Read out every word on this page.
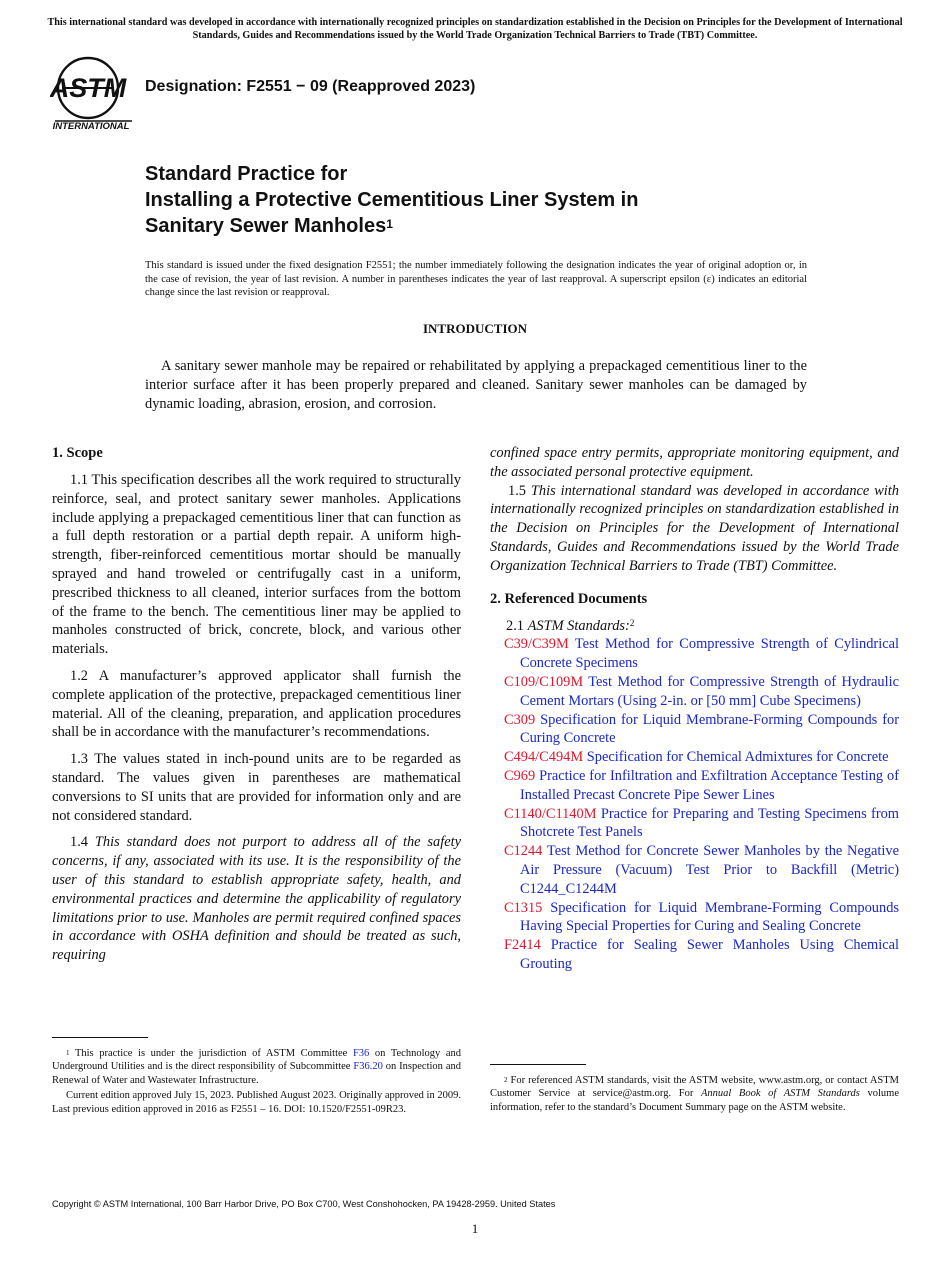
This international standard was developed in accordance with internationally recognized principles on standardization established in the Decision on Principles for the Development of International Standards, Guides and Recommendations issued by the World Trade Organization Technical Barriers to Trade (TBT) Committee.
ASTM
INTERNATIONAL
Designation: F2551 − 09 (Reapproved 2023)
Standard Practice for
Installing a Protective Cementitious Liner System in
Sanitary Sewer Manholes$^1$
This standard is issued under the fixed designation F2551; the number immediately following the designation indicates the year of original adoption or, in the case of revision, the year of last revision. A number in parentheses indicates the year of last reapproval. A superscript epsilon (ε) indicates an editorial change since the last revision or reapproval.
INTRODUCTION
A sanitary sewer manhole may be repaired or rehabilitated by applying a prepackaged cementitious liner to the interior surface after it has been properly prepared and cleaned. Sanitary sewer manholes can be damaged by dynamic loading, abrasion, erosion, and corrosion.
1. Scope

1.1 This specification describes all the work required to structurally reinforce, seal, and protect sanitary sewer manholes. Applications include applying a prepackaged cementitious liner that can function as a full depth restoration or a partial depth repair. A uniform high-strength, fiber-reinforced cementitious mortar should be manually sprayed and hand troweled or centrifugally cast in a uniform, prescribed thickness to all cleaned, interior surfaces from the bottom of the frame to the bench. The cementitious liner may be applied to manholes constructed of brick, concrete, block, and various other materials.

1.2 A manufacturer’s approved applicator shall furnish the complete application of the protective, prepackaged cementitious liner material. All of the cleaning, preparation, and application procedures shall be in accordance with the manufacturer’s recommendations.

1.3 The values stated in inch-pound units are to be regarded as standard. The values given in parentheses are mathematical conversions to SI units that are provided for information only and are not considered standard.

1.4 This standard does not purport to address all of the safety concerns, if any, associated with its use. It is the responsibility of the user of this standard to establish appropriate safety, health, and environmental practices and determine the applicability of regulatory limitations prior to use. Manholes are permit required confined spaces in accordance with OSHA definition and should be treated as such, requiring

$^1$ This practice is under the jurisdiction of ASTM Committee F36 on Technology and Underground Utilities and is the direct responsibility of Subcommittee F36.20 on Inspection and Renewal of Water and Wastewater Infrastructure.

Current edition approved July 15, 2023. Published August 2023. Originally approved in 2009. Last previous edition approved in 2016 as F2551 – 16. DOI: 10.1520/F2551-09R23.

confined space entry permits, appropriate monitoring equipment, and the associated personal protective equipment.

1.5 This international standard was developed in accordance with internationally recognized principles on standardization established in the Decision on Principles for the Development of International Standards, Guides and Recommendations issued by the World Trade Organization Technical Barriers to Trade (TBT) Committee.

2. Referenced Documents

2.1 ASTM Standards:$^2$

C39/C39M Test Method for Compressive Strength of Cylindrical Concrete Specimens
C109/C109M Test Method for Compressive Strength of Hydraulic Cement Mortars (Using 2-in. or [50 mm] Cube Specimens)
C309 Specification for Liquid Membrane-Forming Compounds for Curing Concrete
C494/C494M Specification for Chemical Admixtures for Concrete
C969 Practice for Infiltration and Exfiltration Acceptance Testing of Installed Precast Concrete Pipe Sewer Lines
C1140/C1140M Practice for Preparing and Testing Specimens from Shotcrete Test Panels
C1244 Test Method for Concrete Sewer Manholes by the Negative Air Pressure (Vacuum) Test Prior to Backfill (Metric) C1244_C1244M
C1315 Specification for Liquid Membrane-Forming Compounds Having Special Properties for Curing and Sealing Concrete
F2414 Practice for Sealing Sewer Manholes Using Chemical Grouting

$^2$ For referenced ASTM standards, visit the ASTM website, www.astm.org, or contact ASTM Customer Service at service@astm.org. For Annual Book of ASTM Standards volume information, refer to the standard’s Document Summary page on the ASTM website.

Copyright © ASTM International, 100 Barr Harbor Drive, PO Box C700, West Conshohocken, PA 19428-2959. United States
1
